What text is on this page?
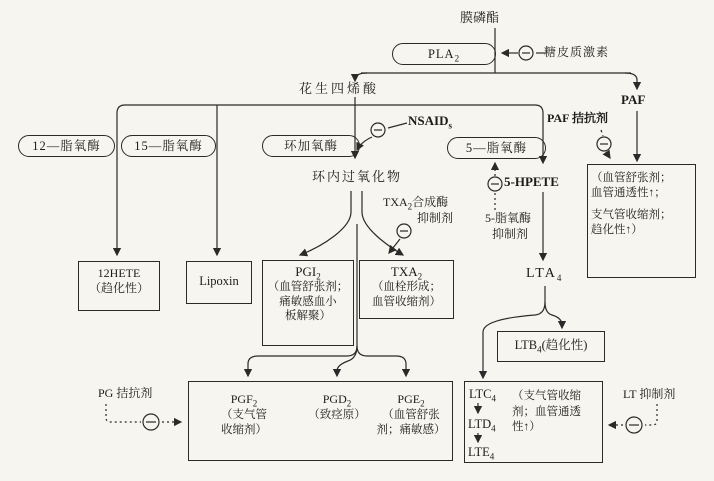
膜磷酯
$PLA_2$	糖皮质激素
花生四烯酸
PAF
PAF 拮抗剂
$NSAID_s$
12—脂氧酶	15—脂氧酶	环加氧酶	5—脂氧酶
环内过氧化物
$TXA_2$合成酶
抑制剂
5-HPETE
5-脂氧酶
抑制剂
$LTA_4$
PG 拮抗剂	LT 抑制剂
12HETE
（趋化性）	Lipoxin
$PGI_2$
（血管舒张剂；
痛敏感血小
板解聚）
$TXA_2$
（血栓形成；
血管收缩剂）
（血管舒张剂；
血管通透性↑；
支气管收缩剂；
趋化性↑）
$LTB_4$(趋化性)
$LTC_4$
$LTD_4$
$LTE_4$
（支气管收缩
剂；血管通透
性↑）
$PGF_2$
（支气管
收缩剂）
$PGD_2$
（致痉原）
$PGE_2$
（血管舒张
剂；痛敏感）
